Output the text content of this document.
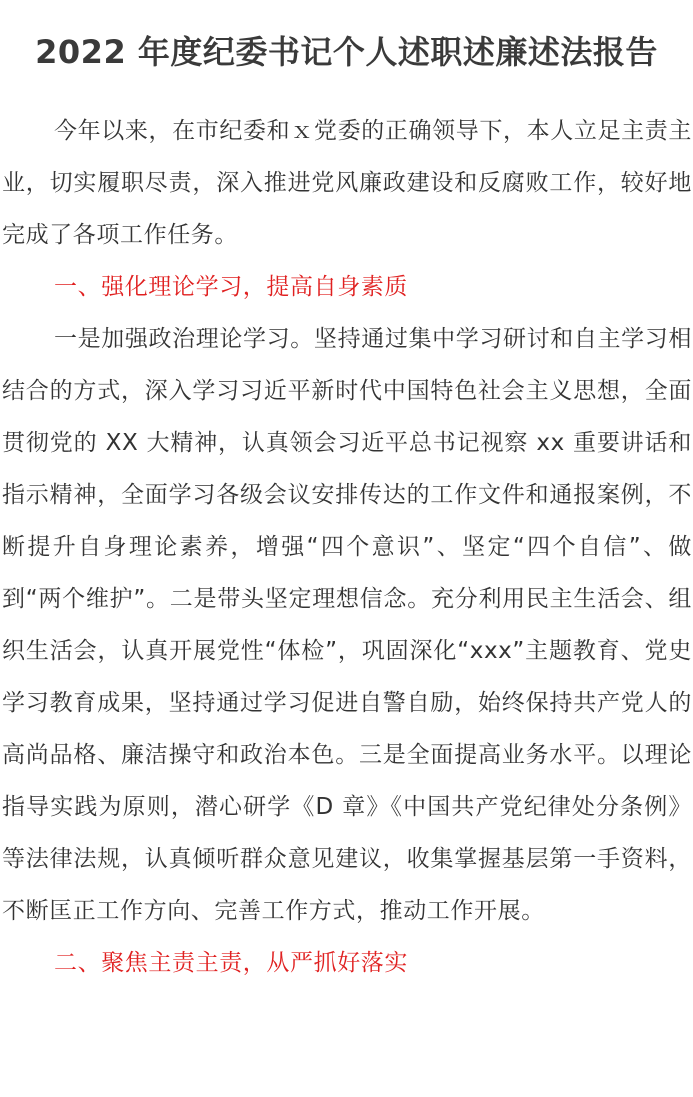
2022 年度纪委书记个人述职述廉述法报告

今年以来，在市纪委和ｘ党委的正确领导下，本人立足主责主业，切实履职尽责，深入推进党风廉政建设和反腐败工作，较好地完成了各项工作任务。

一、强化理论学习，提高自身素质

一是加强政治理论学习。坚持通过集中学习研讨和自主学习相结合的方式，深入学习习近平新时代中国特色社会主义思想，全面贯彻党的 XX 大精神，认真领会习近平总书记视察 xx 重要讲话和指示精神，全面学习各级会议安排传达的工作文件和通报案例，不断提升自身理论素养，增强“四个意识”、坚定“四个自信”、做到“两个维护”。二是带头坚定理想信念。充分利用民主生活会、组织生活会，认真开展党性“体检”，巩固深化“xxx”主题教育、党史学习教育成果，坚持通过学习促进自警自励，始终保持共产党人的高尚品格、廉洁操守和政治本色。三是全面提高业务水平。以理论指导实践为原则，潜心研学《D 章》《中国共产党纪律处分条例》等法律法规，认真倾听群众意见建议，收集掌握基层第一手资料，不断匡正工作方向、完善工作方式，推动工作开展。

二、聚焦主责主责，从严抓好落实
